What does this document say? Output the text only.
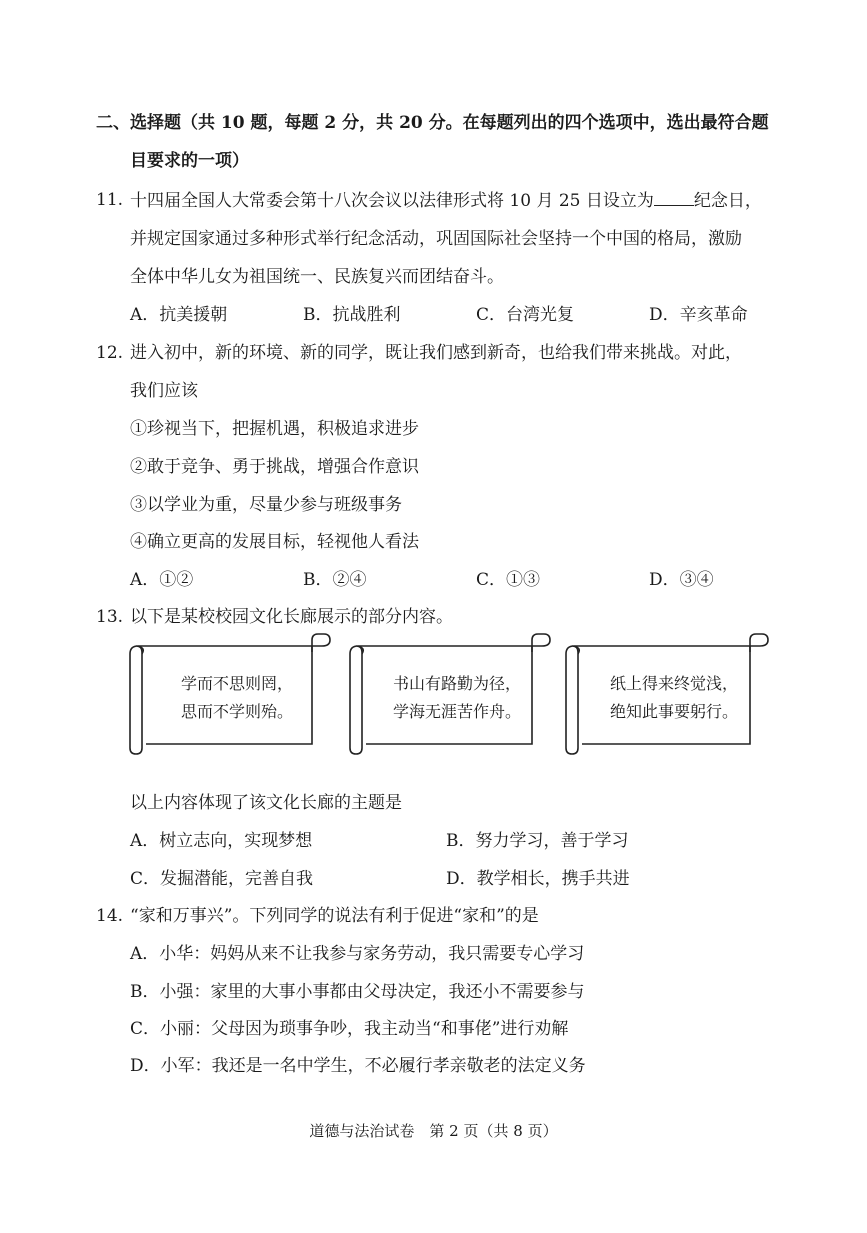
二、选择题（共 10 题，每题 2 分，共 20 分。在每题列出的四个选项中，选出最符合题
目要求的一项）
11. 十四届全国人大常委会第十八次会议以法律形式将 10 月 25 日设立为 纪念日，
并规定国家通过多种形式举行纪念活动，巩固国际社会坚持一个中国的格局，激励
全体中华儿女为祖国统一、民族复兴而团结奋斗。
A．抗美援朝	B．抗战胜利	C．台湾光复	D．辛亥革命
12. 进入初中，新的环境、新的同学，既让我们感到新奇，也给我们带来挑战。对此，
我们应该
①珍视当下，把握机遇，积极追求进步
②敢于竞争、勇于挑战，增强合作意识
③以学业为重，尽量少参与班级事务
④确立更高的发展目标，轻视他人看法
A．①②	B．②④	C．①③	D．③④
13. 以下是某校校园文化长廊展示的部分内容。
学而不思则罔，
思而不学则殆。
书山有路勤为径，
学海无涯苦作舟。
纸上得来终觉浅，
绝知此事要躬行。
以上内容体现了该文化长廊的主题是
A．树立志向，实现梦想	B．努力学习，善于学习
C．发掘潜能，完善自我	D．教学相长，携手共进
14. “家和万事兴”。下列同学的说法有利于促进“家和”的是
A．小华：妈妈从来不让我参与家务劳动，我只需要专心学习
B．小强：家里的大事小事都由父母决定，我还小不需要参与
C．小丽：父母因为琐事争吵，我主动当“和事佬”进行劝解
D．小军：我还是一名中学生，不必履行孝亲敬老的法定义务
道德与法治试卷　第 2 页（共 8 页）
